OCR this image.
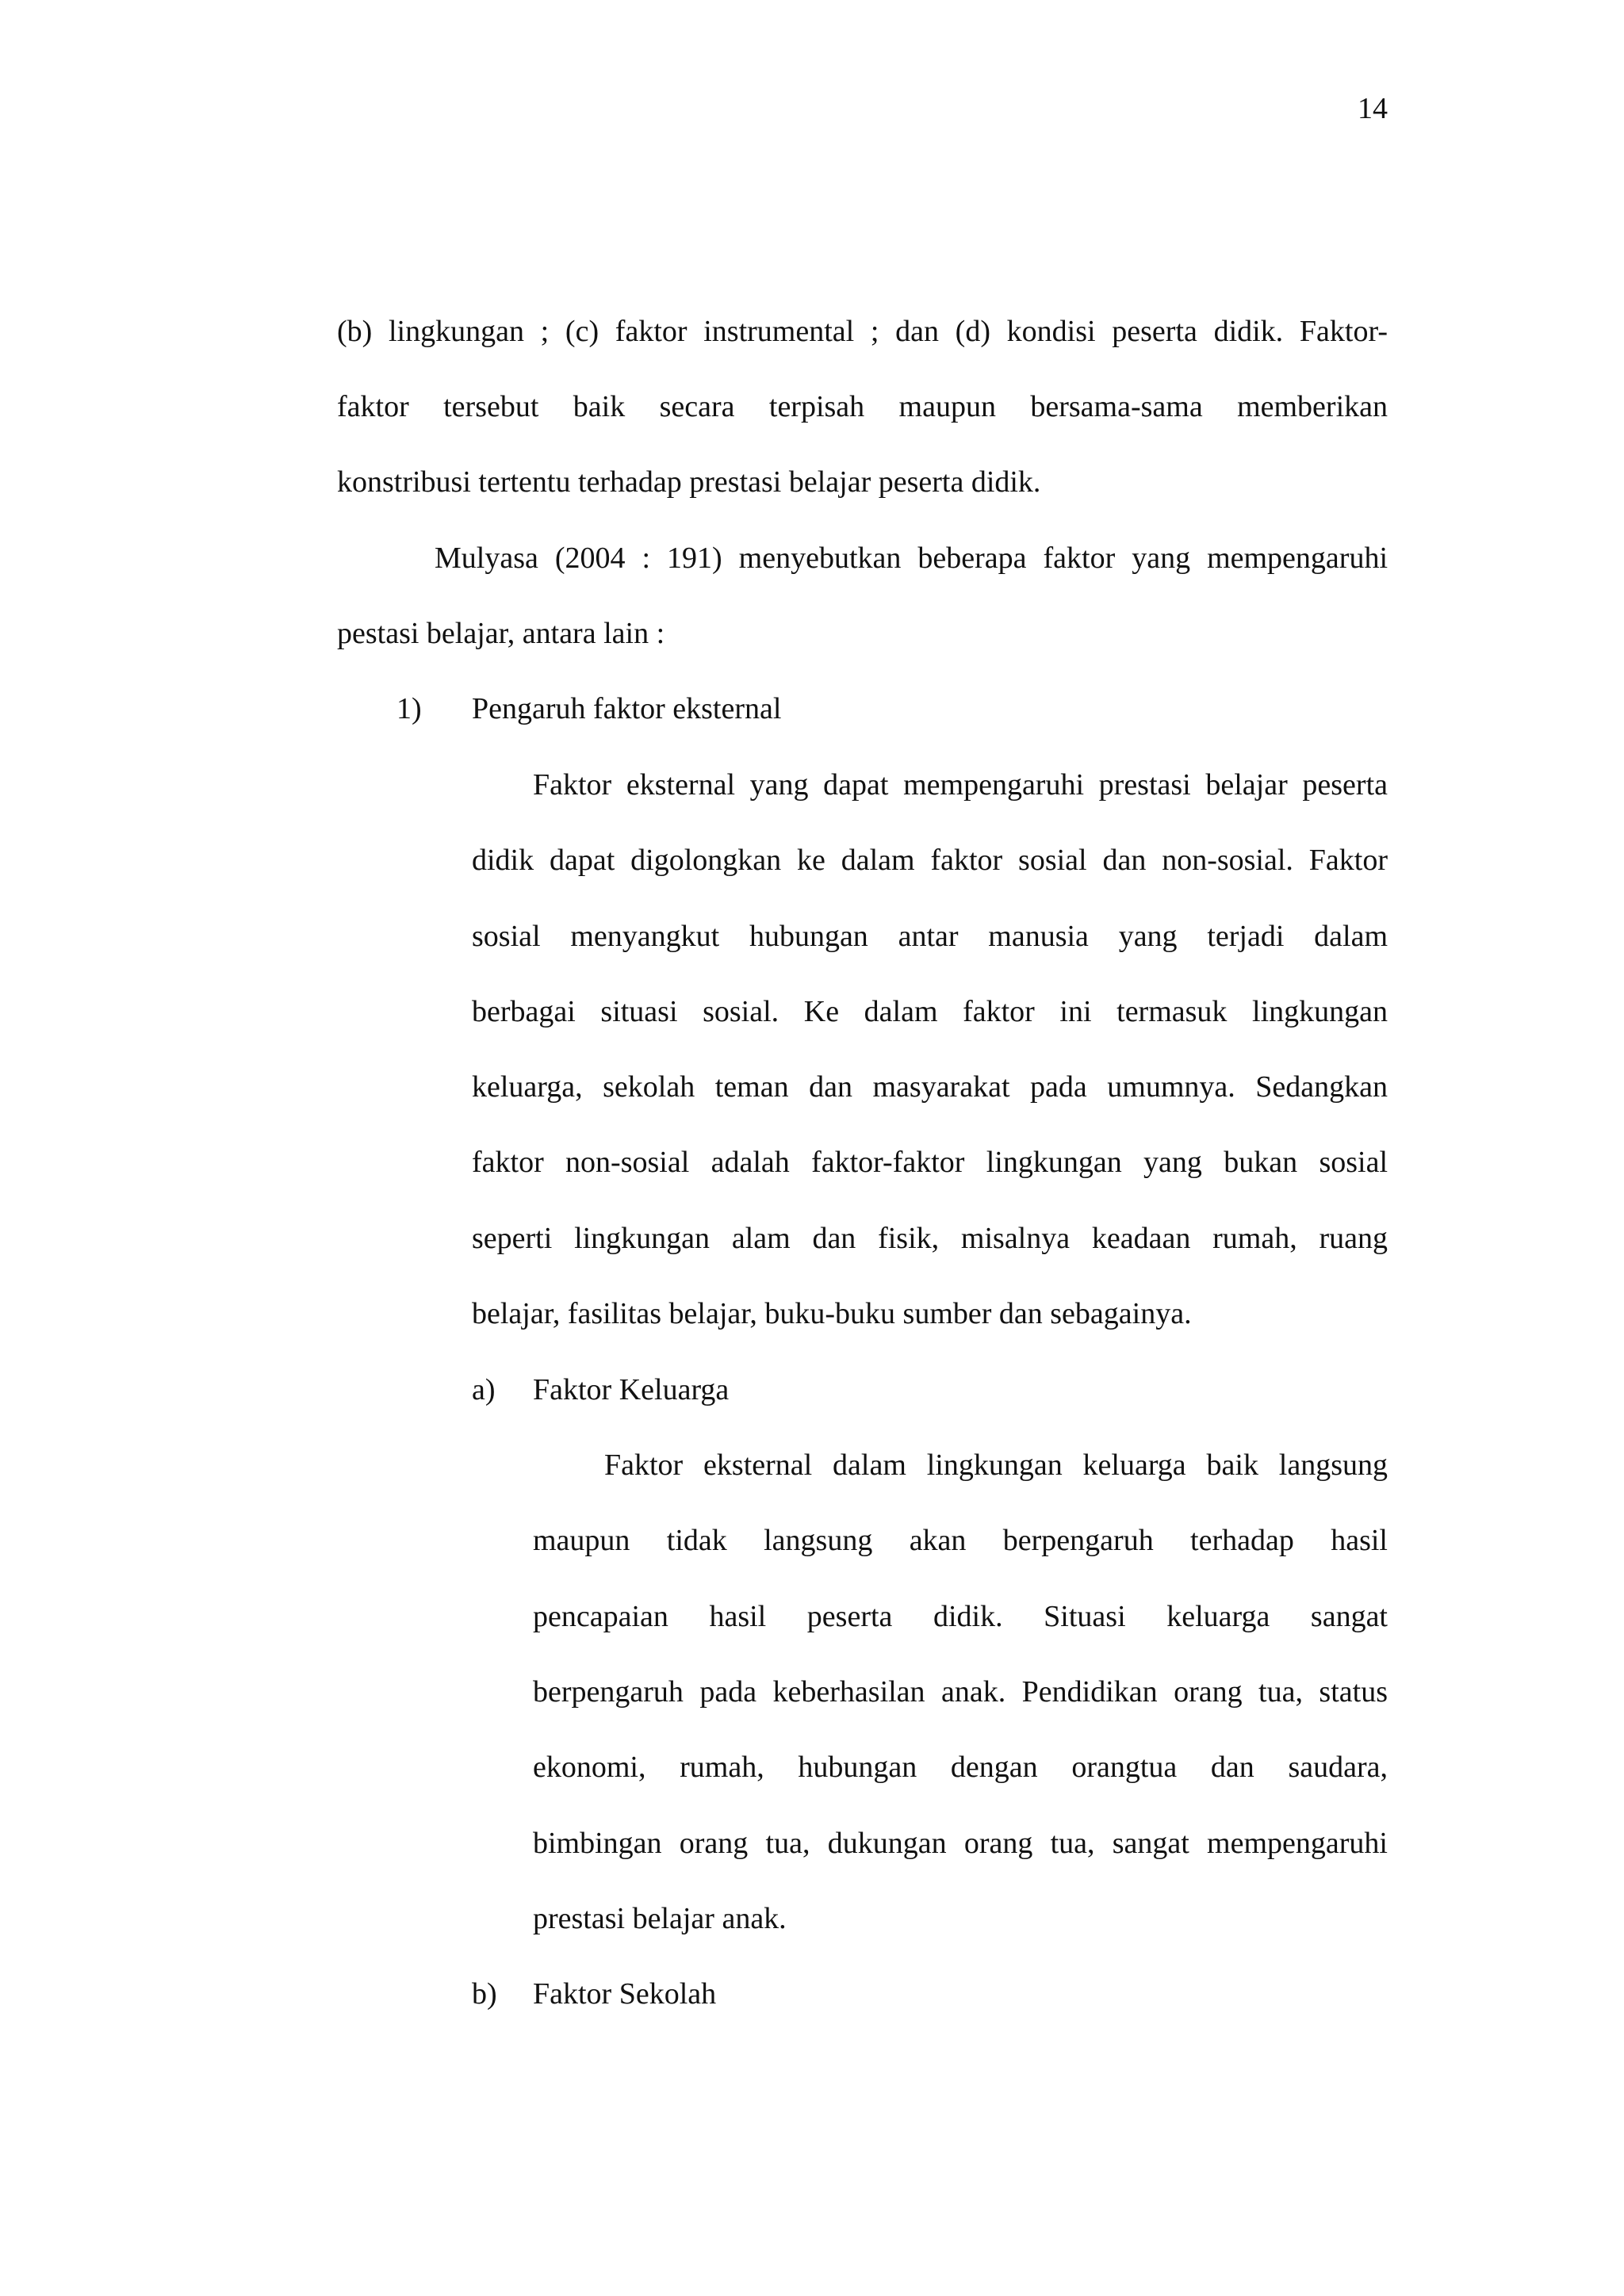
14
(b) lingkungan ; (c) faktor instrumental ; dan (d) kondisi peserta didik. Faktor-
faktor tersebut baik secara terpisah maupun bersama-sama memberikan
konstribusi tertentu terhadap prestasi belajar peserta didik.
Mulyasa (2004 : 191) menyebutkan beberapa faktor yang mempengaruhi
pestasi belajar, antara lain :
1) Pengaruh faktor eksternal
Faktor eksternal yang dapat mempengaruhi prestasi belajar peserta
didik dapat digolongkan ke dalam faktor sosial dan non-sosial. Faktor
sosial menyangkut hubungan antar manusia yang terjadi dalam
berbagai situasi sosial. Ke dalam faktor ini termasuk lingkungan
keluarga, sekolah teman dan masyarakat pada umumnya. Sedangkan
faktor non-sosial adalah faktor-faktor lingkungan yang bukan sosial
seperti lingkungan alam dan fisik, misalnya keadaan rumah, ruang
belajar, fasilitas belajar, buku-buku sumber dan sebagainya.
a) Faktor Keluarga
Faktor eksternal dalam lingkungan keluarga baik langsung
maupun tidak langsung akan berpengaruh terhadap hasil
pencapaian hasil peserta didik. Situasi keluarga sangat
berpengaruh pada keberhasilan anak. Pendidikan orang tua, status
ekonomi, rumah, hubungan dengan orangtua dan saudara,
bimbingan orang tua, dukungan orang tua, sangat mempengaruhi
prestasi belajar anak.
b) Faktor Sekolah
